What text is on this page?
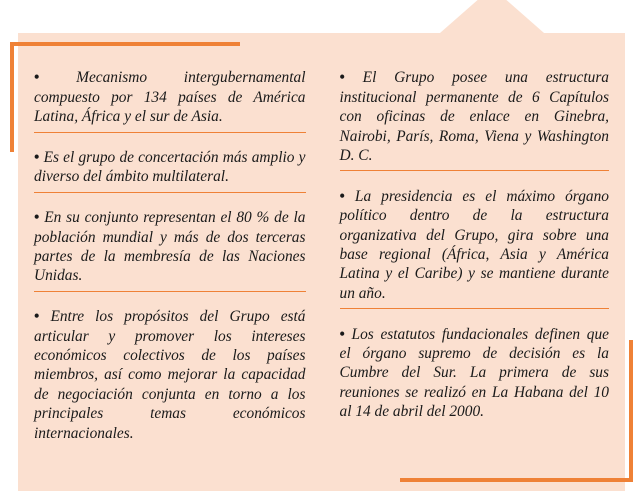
• Mecanismo intergubernamental compuesto por 134 países de América Latina, África y el sur de Asia.

• Es el grupo de concertación más amplio y diverso del ámbito multilateral.

• En su conjunto representan el 80 % de la población mundial y más de dos terceras partes de la membresía de las Naciones Unidas.

• Entre los propósitos del Grupo está articular y promover los intereses económicos colectivos de los países miembros, así como mejorar la capacidad de negociación conjunta en torno a los principales temas económicos internacionales.

• El Grupo posee una estructura institucional permanente de 6 Capítulos con oficinas de enlace en Ginebra, Nairobi, París, Roma, Viena y Washington D. C.

• La presidencia es el máximo órgano político dentro de la estructura organizativa del Grupo, gira sobre una base regional (África, Asia y América Latina y el Caribe) y se mantiene durante un año.

• Los estatutos fundacionales definen que el órgano supremo de decisión es la Cumbre del Sur. La primera de sus reuniones se realizó en La Habana del 10 al 14 de abril del 2000.
